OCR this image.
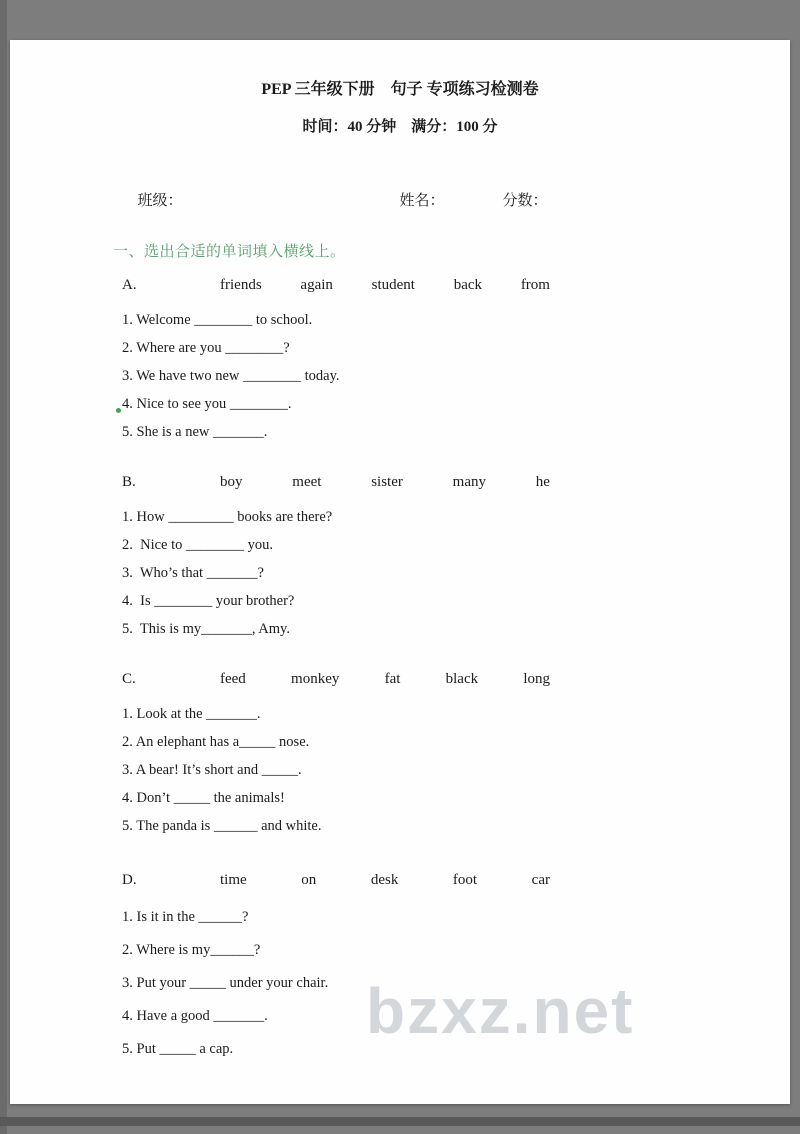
PEP 三年级下册　句子 专项练习检测卷
时间：40 分钟　满分：100 分

班级：	姓名：	分数：

一、选出合适的单词填入横线上。
A.	friends	again	student	back	from
1. Welcome ________ to school.
2. Where are you ________?
3. We have two new ________ today.
4. Nice to see you ________.
5. She is a new _______.
B.	boy	meet	sister	many	he
1. How _________ books are there?
2.  Nice to ________ you.
3.  Who’s that _______?
4.  Is ________ your brother?
5.  This is my_______, Amy.
C.	feed	monkey	fat	black	long
1. Look at the _______.
2. An elephant has a_____ nose.
3. A bear! It’s short and _____.
4. Don’t _____ the animals!
5. The panda is ______ and white.
D.	time	on	desk	foot	car
1. Is it in the ______?
2. Where is my______?
3. Put your _____ under your chair.
4. Have a good _______.
5. Put _____ a cap.
bzxz.net
